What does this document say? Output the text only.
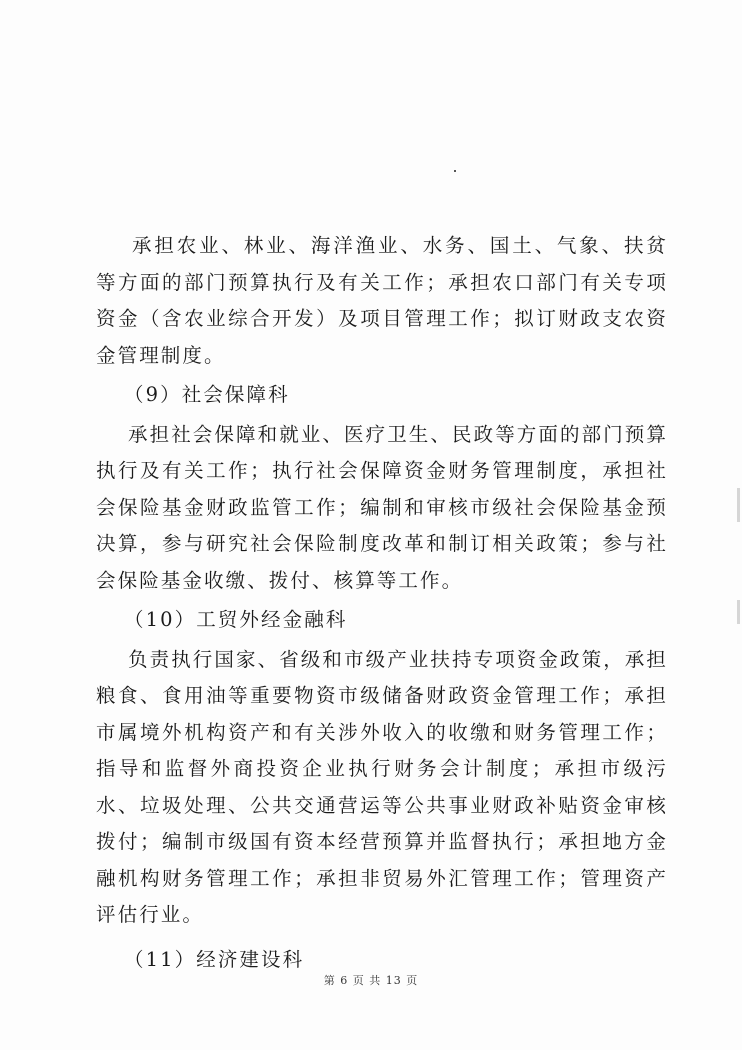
承担农业、林业、海洋渔业、水务、国土、气象、扶贫等方面的部门预算执行及有关工作；承担农口部门有关专项资金（含农业综合开发）及项目管理工作；拟订财政支农资金管理制度。

（9）社会保障科

承担社会保障和就业、医疗卫生、民政等方面的部门预算执行及有关工作；执行社会保障资金财务管理制度，承担社会保险基金财政监管工作；编制和审核市级社会保险基金预决算，参与研究社会保险制度改革和制订相关政策；参与社会保险基金收缴、拨付、核算等工作。

（10）工贸外经金融科

负责执行国家、省级和市级产业扶持专项资金政策，承担粮食、食用油等重要物资市级储备财政资金管理工作；承担市属境外机构资产和有关涉外收入的收缴和财务管理工作；指导和监督外商投资企业执行财务会计制度；承担市级污水、垃圾处理、公共交通营运等公共事业财政补贴资金审核拨付；编制市级国有资本经营预算并监督执行；承担地方金融机构财务管理工作；承担非贸易外汇管理工作；管理资产评估行业。

（11）经济建设科

第 6 页 共 13 页
